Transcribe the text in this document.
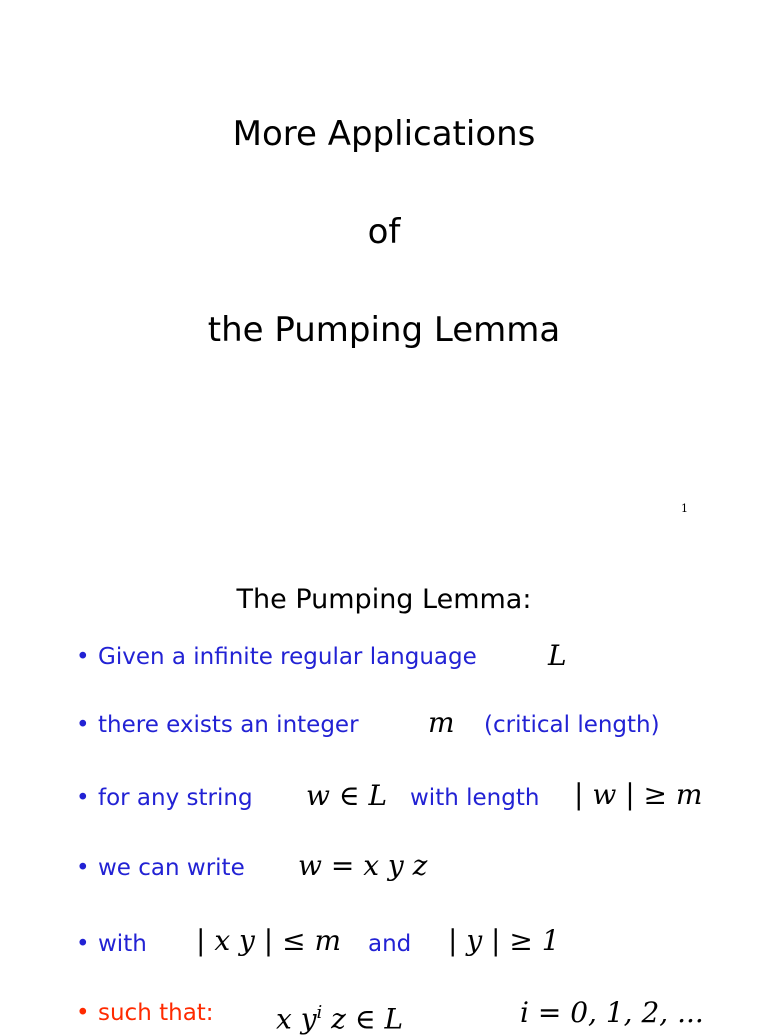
More Applications
of
the Pumping Lemma
1
The Pumping Lemma:
• Given a infinite regular language	L
• there exists an integer m (critical length)
• for any string w ∈ L with length | w | ≥ m
• we can write w = x y z
• with | x y | ≤ m and | y | ≥ 1
• such that: x $y^i$ z ∈ L	i = 0, 1, 2, ...
